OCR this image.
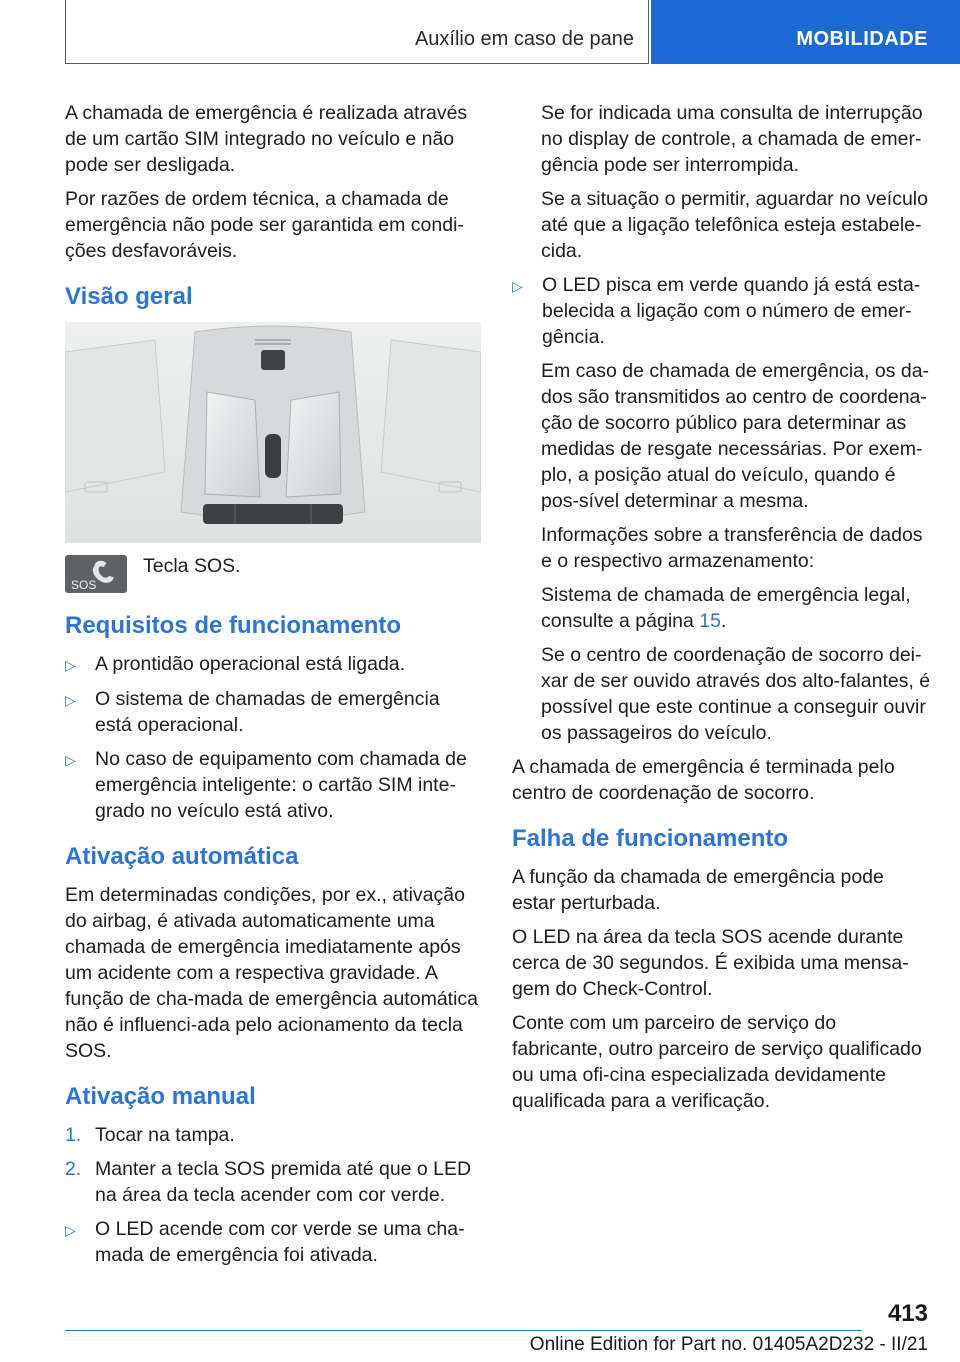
Auxílio em caso de pane	MOBILIDADE

A chamada de emergência é realizada através de um cartão SIM integrado no veículo e não pode ser desligada.

Por razões de ordem técnica, a chamada de emergência não pode ser garantida em condi-ções desfavoráveis.

Visão geral
SOS
Tecla SOS.
Requisitos de funcionamento
▷ A prontidão operacional está ligada.
▷ O sistema de chamadas de emergência está operacional.
▷ No caso de equipamento com chamada de emergência inteligente: o cartão SIM inte-grado no veículo está ativo.
Ativação automática

Em determinadas condições, por ex., ativação do airbag, é ativada automaticamente uma chamada de emergência imediatamente após um acidente com a respectiva gravidade. A função de cha-mada de emergência automática não é influenci-ada pelo acionamento da tecla SOS.

Ativação manual
1. Tocar na tampa.
2. Manter a tecla SOS premida até que o LED na área da tecla acender com cor verde.
▷ O LED acende com cor verde se uma cha-mada de emergência foi ativada.

Se for indicada uma consulta de interrupção no display de controle, a chamada de emer-gência pode ser interrompida.

Se a situação o permitir, aguardar no veículo até que a ligação telefônica esteja estabele-cida.

▷ O LED pisca em verde quando já está esta-belecida a ligação com o número de emer-gência.

Em caso de chamada de emergência, os da-dos são transmitidos ao centro de coordena-ção de socorro público para determinar as medidas de resgate necessárias. Por exem-plo, a posição atual do veículo, quando é pos-sível determinar a mesma.

Informações sobre a transferência de dados e o respectivo armazenamento:

Sistema de chamada de emergência legal, consulte a página 15.

Se o centro de coordenação de socorro dei-xar de ser ouvido através dos alto-falantes, é possível que este continue a conseguir ouvir os passageiros do veículo.

A chamada de emergência é terminada pelo centro de coordenação de socorro.

Falha de funcionamento

A função da chamada de emergência pode estar perturbada.

O LED na área da tecla SOS acende durante cerca de 30 segundos. É exibida uma mensa-gem do Check-Control.

Conte com um parceiro de serviço do fabricante, outro parceiro de serviço qualificado ou uma ofi-cina especializada devidamente qualificada para a verificação.

413
Online Edition for Part no. 01405A2D232 - II/21
